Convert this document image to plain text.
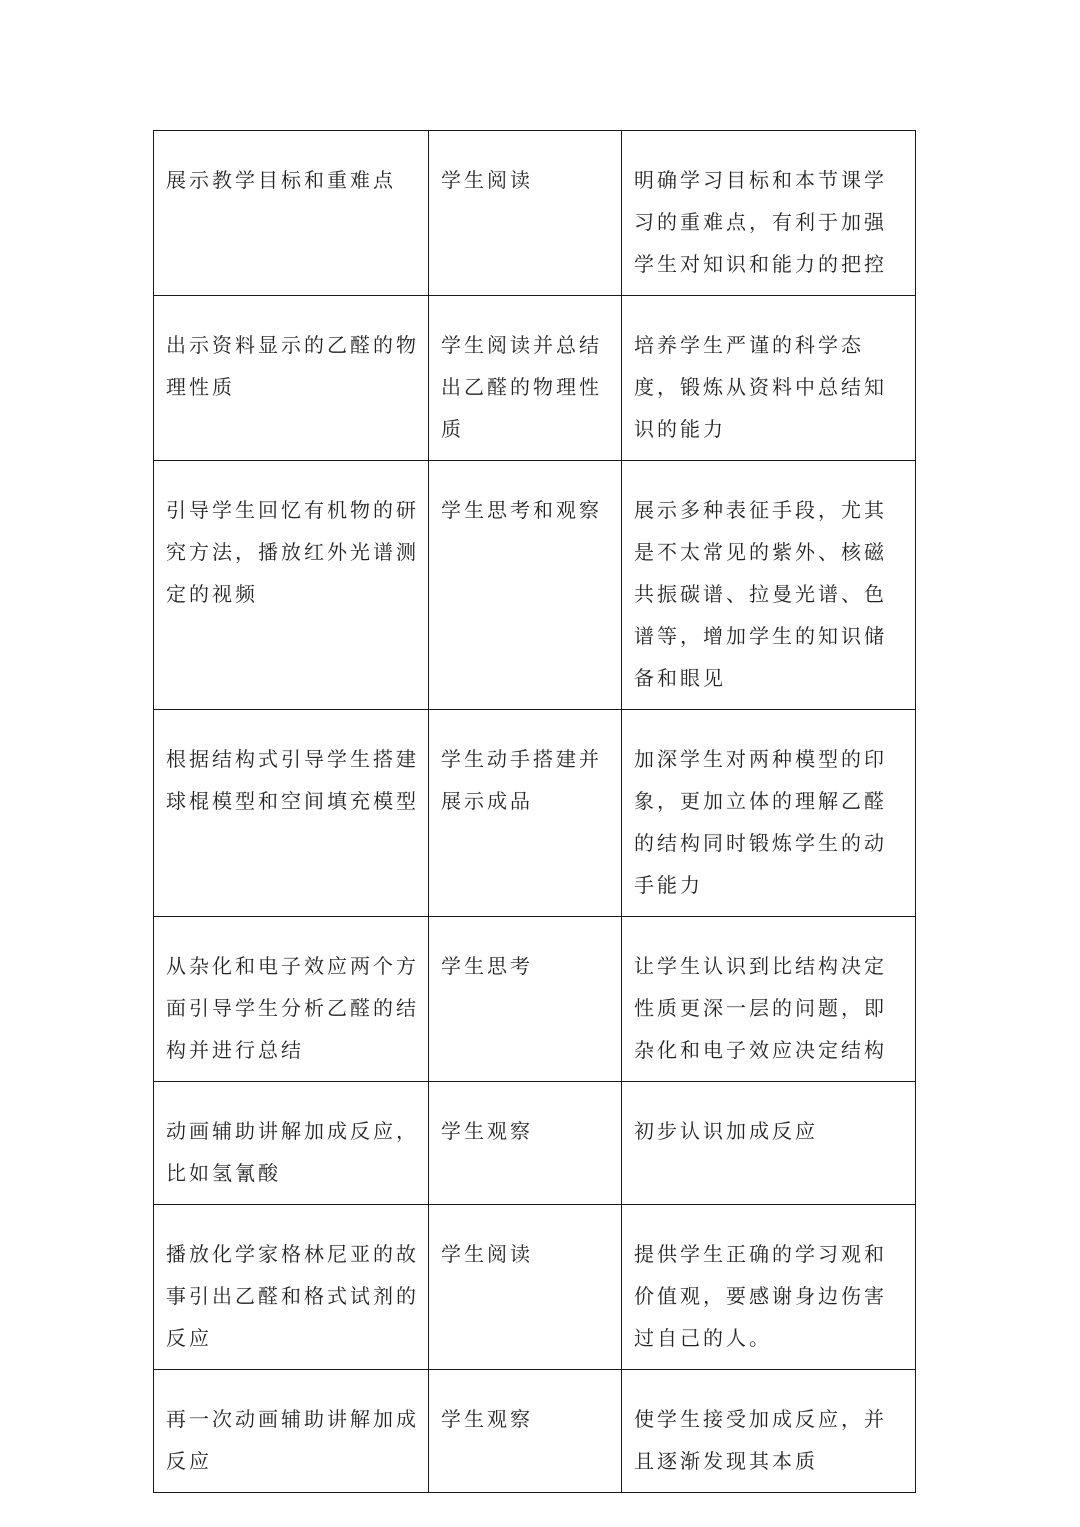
展示教学目标和重难点	学生阅读	明确学习目标和本节课学习的重难点，有利于加强学生对知识和能力的把控
出示资料显示的乙醛的物理性质	学生阅读并总结出乙醛的物理性质	培养学生严谨的科学态度，锻炼从资料中总结知识的能力
引导学生回忆有机物的研究方法，播放红外光谱测定的视频	学生思考和观察	展示多种表征手段，尤其是不太常见的紫外、核磁共振碳谱、拉曼光谱、色谱等，增加学生的知识储备和眼见
根据结构式引导学生搭建球棍模型和空间填充模型	学生动手搭建并展示成品	加深学生对两种模型的印象，更加立体的理解乙醛的结构同时锻炼学生的动手能力
从杂化和电子效应两个方面引导学生分析乙醛的结构并进行总结	学生思考	让学生认识到比结构决定性质更深一层的问题，即杂化和电子效应决定结构
动画辅助讲解加成反应，比如氢氰酸	学生观察	初步认识加成反应
播放化学家格林尼亚的故事引出乙醛和格式试剂的反应	学生阅读	提供学生正确的学习观和价值观，要感谢身边伤害过自己的人。
再一次动画辅助讲解加成反应	学生观察	使学生接受加成反应，并且逐渐发现其本质
